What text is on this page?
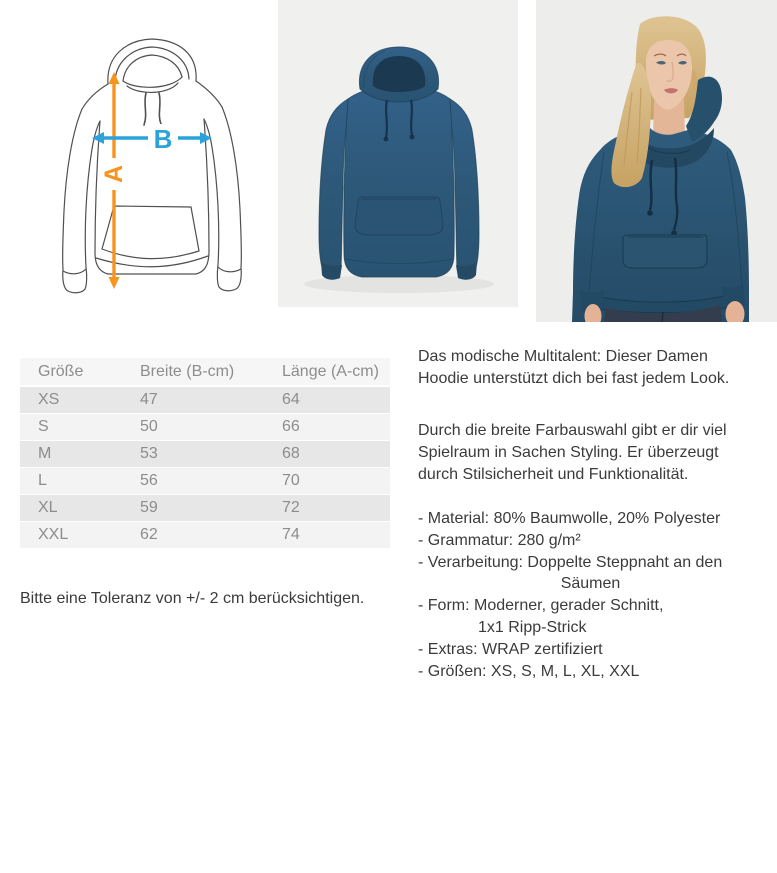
A
B
Größe	Breite (B-cm)	Länge (A-cm)
XS	47	64
S	50	66
M	53	68
L	56	70
XL	59	72
XXL	62	74

Bitte eine Toleranz von +/- 2 cm berücksichtigen.

Das modische Multitalent: Dieser Damen
Hoodie unterstützt dich bei fast jedem Look.
Durch die breite Farbauswahl gibt er dir viel
Spielraum in Sachen Styling. Er überzeugt
durch Stilsicherheit und Funktionalität.
- Material: 80% Baumwolle, 20% Polyester
- Grammatur: 280 g/m²
- Verarbeitung: Doppelte Steppnaht an den
Säumen
- Form: Moderner, gerader Schnitt,
1x1 Ripp-Strick
- Extras: WRAP zertifiziert
- Größen: XS, S, M, L, XL, XXL
